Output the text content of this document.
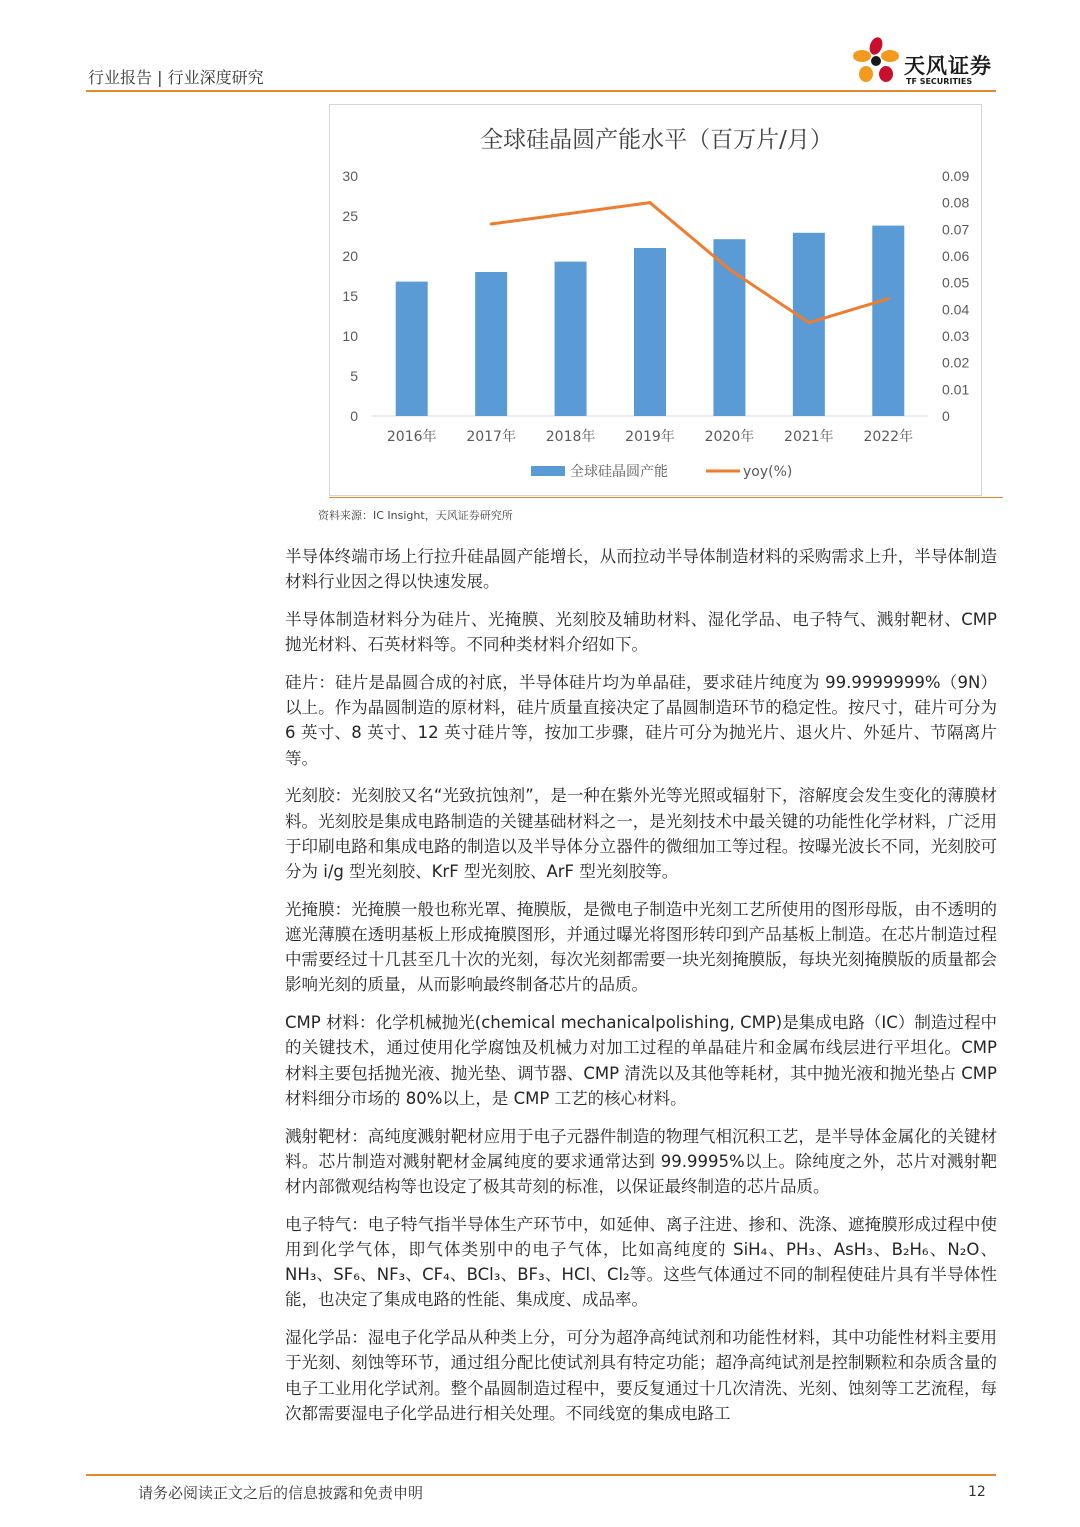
行业报告 | 行业深度研究	天风证券
TF SECURITIES
全球硅晶圆产能水平（百万片/月）
0
5
10
15
20
25
30
0
0.01
0.02
0.03
0.04
0.05
0.06
0.07
0.08
0.09
2016年 2017年 2018年 2019年 2020年 2021年 2022年
全球硅晶圆产能	yoy(%)
资料来源：IC Insight，天风证券研究所

半导体终端市场上行拉升硅晶圆产能增长，从而拉动半导体制造材料的采购需求上升，半导体制造材料行业因之得以快速发展。

半导体制造材料分为硅片、光掩膜、光刻胶及辅助材料、湿化学品、电子特气、溅射靶材、CMP 抛光材料、石英材料等。不同种类材料介绍如下。

硅片：硅片是晶圆合成的衬底，半导体硅片均为单晶硅，要求硅片纯度为 99.9999999%（9N）以上。作为晶圆制造的原材料，硅片质量直接决定了晶圆制造环节的稳定性。按尺寸，硅片可分为 6 英寸、8 英寸、12 英寸硅片等，按加工步骤，硅片可分为抛光片、退火片、外延片、节隔离片等。

光刻胶：光刻胶又名“光致抗蚀剂”，是一种在紫外光等光照或辐射下，溶解度会发生变化的薄膜材料。光刻胶是集成电路制造的关键基础材料之一，是光刻技术中最关键的功能性化学材料，广泛用于印刷电路和集成电路的制造以及半导体分立器件的微细加工等过程。按曝光波长不同，光刻胶可分为 i/g 型光刻胶、KrF 型光刻胶、ArF 型光刻胶等。

光掩膜：光掩膜一般也称光罩、掩膜版，是微电子制造中光刻工艺所使用的图形母版，由不透明的遮光薄膜在透明基板上形成掩膜图形，并通过曝光将图形转印到产品基板上制造。在芯片制造过程中需要经过十几甚至几十次的光刻，每次光刻都需要一块光刻掩膜版，每块光刻掩膜版的质量都会影响光刻的质量，从而影响最终制备芯片的品质。

CMP 材料：化学机械抛光(chemical mechanicalpolishing, CMP)是集成电路（IC）制造过程中的关键技术，通过使用化学腐蚀及机械力对加工过程的单晶硅片和金属布线层进行平坦化。CMP 材料主要包括抛光液、抛光垫、调节器、CMP 清洗以及其他等耗材，其中抛光液和抛光垫占 CMP 材料细分市场的 80%以上，是 CMP 工艺的核心材料。

溅射靶材：高纯度溅射靶材应用于电子元器件制造的物理气相沉积工艺，是半导体金属化的关键材料。芯片制造对溅射靶材金属纯度的要求通常达到 99.9995%以上。除纯度之外，芯片对溅射靶材内部微观结构等也设定了极其苛刻的标准，以保证最终制造的芯片品质。

电子特气：电子特气指半导体生产环节中，如延伸、离子注进、掺和、洗涤、遮掩膜形成过程中使用到化学气体，即气体类别中的电子气体，比如高纯度的 SiH₄、PH₃、AsH₃、B₂H₆、N₂O、NH₃、SF₆、NF₃、CF₄、BCl₃、BF₃、HCl、Cl₂等。这些气体通过不同的制程使硅片具有半导体性能，也决定了集成电路的性能、集成度、成品率。

湿化学品：湿电子化学品从种类上分，可分为超净高纯试剂和功能性材料，其中功能性材料主要用于光刻、刻蚀等环节，通过组分配比使试剂具有特定功能；超净高纯试剂是控制颗粒和杂质含量的电子工业用化学试剂。整个晶圆制造过程中，要反复通过十几次清洗、光刻、蚀刻等工艺流程，每次都需要湿电子化学品进行相关处理。不同线宽的集成电路工

请务必阅读正文之后的信息披露和免责申明	12
